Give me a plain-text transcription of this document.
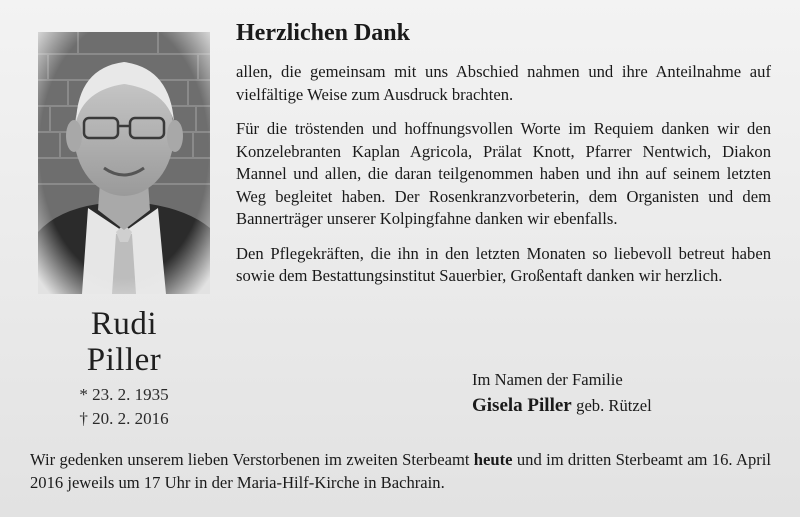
Rudi
Piller
* 23. 2. 1935
† 20. 2. 2016
Herzlichen Dank

allen, die gemeinsam mit uns Abschied nahmen und ihre Anteilnahme auf vielfältige Weise zum Ausdruck brachten.

Für die tröstenden und hoffnungsvollen Worte im Requiem danken wir den Konzelebranten Kaplan Agricola, Prälat Knott, Pfarrer Nentwich, Diakon Mannel und allen, die daran teilgenommen haben und ihn auf seinem letzten Weg begleitet haben. Der Rosenkranzvorbeterin, dem Organisten und dem Bannerträger unserer Kolpingfahne danken wir ebenfalls.

Den Pflegekräften, die ihn in den letzten Monaten so liebevoll betreut haben sowie dem Bestattungsinstitut Sauerbier, Großentaft danken wir herzlich.

Im Namen der Familie
Gisela Piller geb. Rützel
Wir gedenken unserem lieben Verstorbenen im zweiten Sterbeamt heute und im dritten Sterbeamt am 16. April 2016 jeweils um 17 Uhr in der Maria-Hilf-Kirche in Bachrain.
